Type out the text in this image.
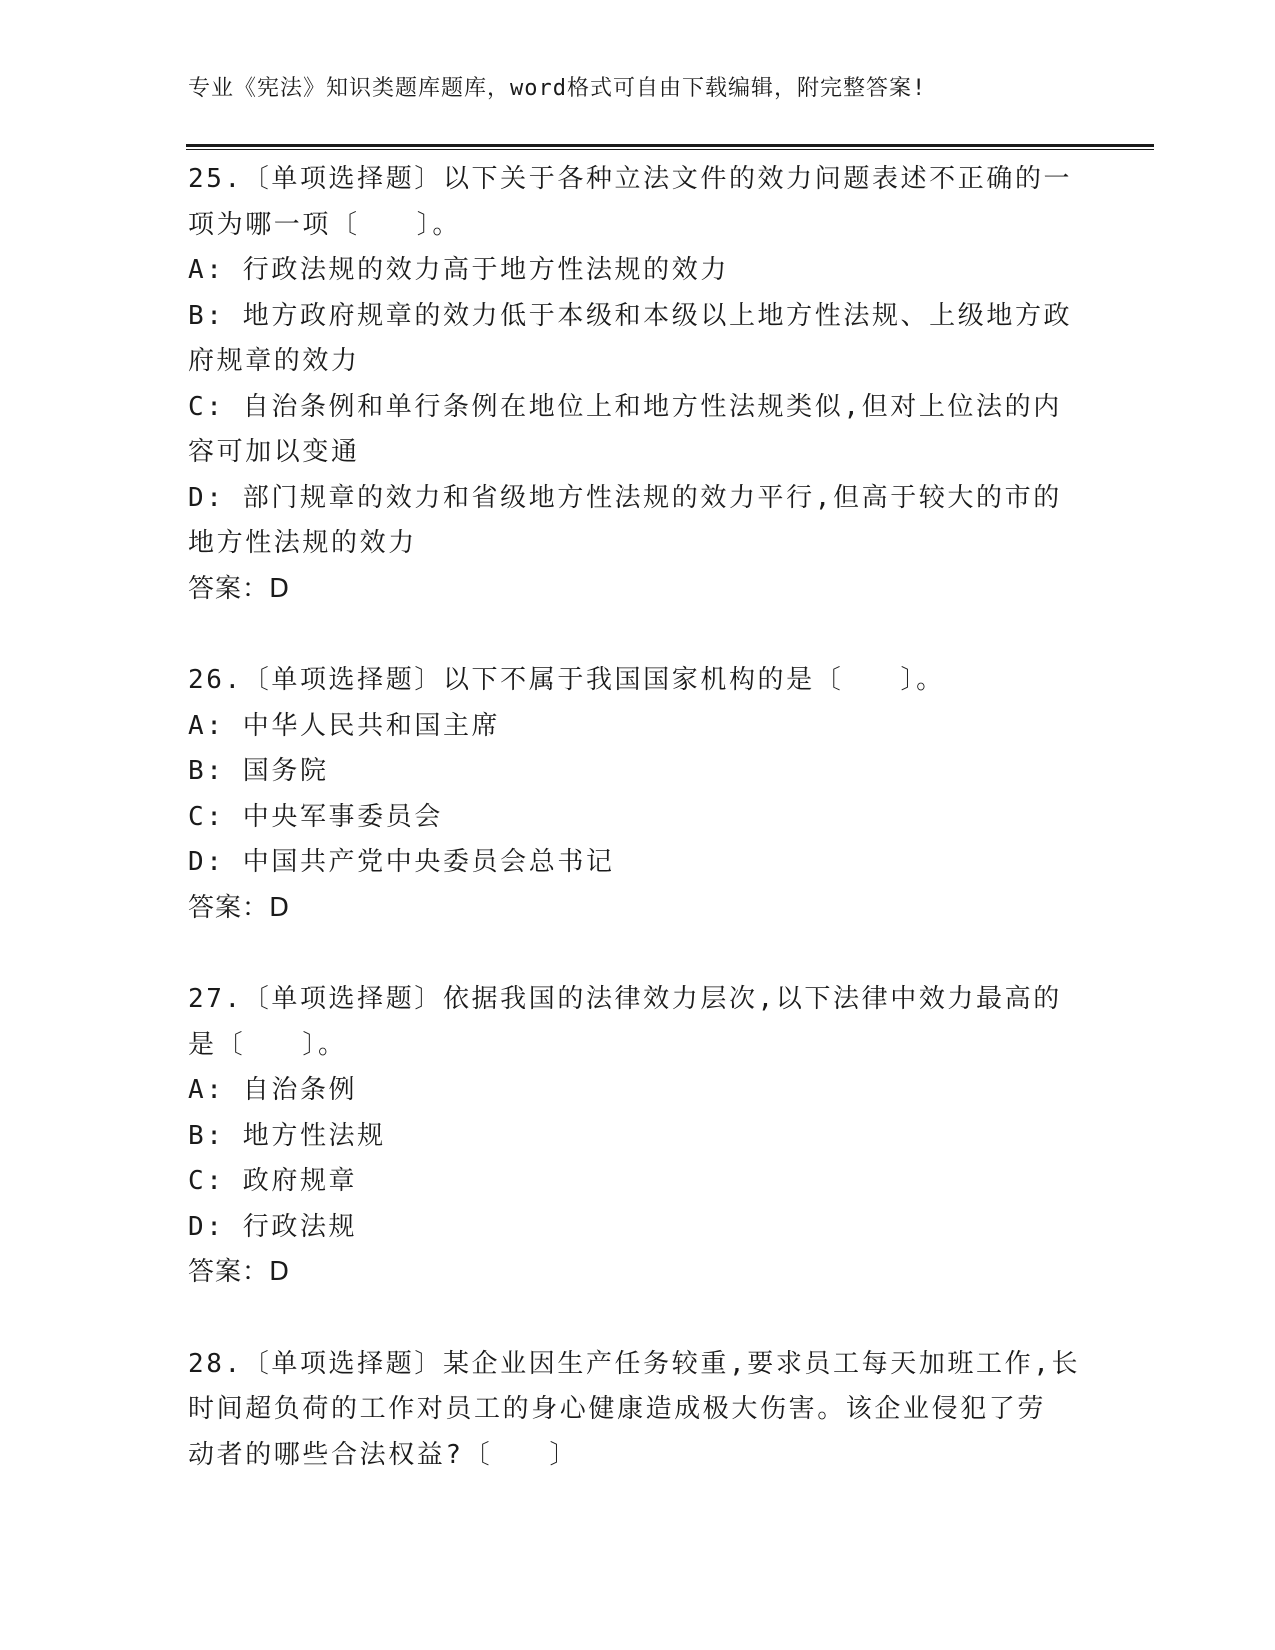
专业《宪法》知识类题库题库，word格式可自由下载编辑，附完整答案!
25.〔单项选择题〕以下关于各种立法文件的效力问题表述不正确的一
项为哪一项〔　　〕。
A: 行政法规的效力高于地方性法规的效力
B: 地方政府规章的效力低于本级和本级以上地方性法规、上级地方政
府规章的效力
C: 自治条例和单行条例在地位上和地方性法规类似,但对上位法的内
容可加以变通
D: 部门规章的效力和省级地方性法规的效力平行,但高于较大的市的
地方性法规的效力
答案：D
26.〔单项选择题〕以下不属于我国国家机构的是〔　　〕。
A: 中华人民共和国主席
B: 国务院
C: 中央军事委员会
D: 中国共产党中央委员会总书记
答案：D
27.〔单项选择题〕依据我国的法律效力层次,以下法律中效力最高的
是〔　　〕。
A: 自治条例
B: 地方性法规
C: 政府规章
D: 行政法规
答案：D
28.〔单项选择题〕某企业因生产任务较重,要求员工每天加班工作,长
时间超负荷的工作对员工的身心健康造成极大伤害。该企业侵犯了劳
动者的哪些合法权益?〔　　〕
